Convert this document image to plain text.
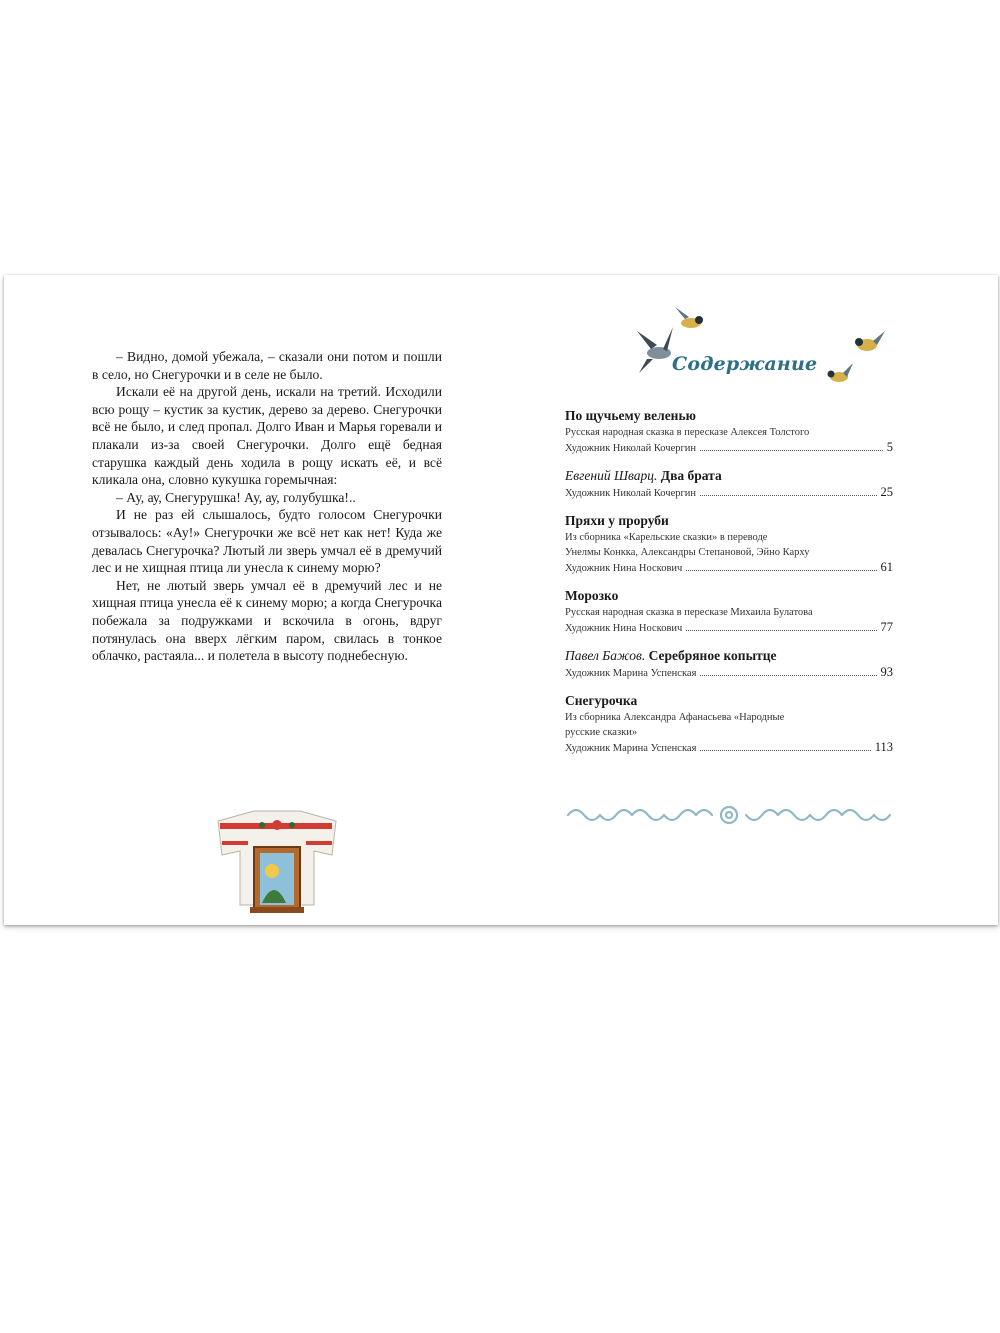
– Видно, домой убежала, – сказали они потом и пошли в село, но Снегурочки и в селе не было.

Искали её на другой день, искали на третий. Исходили всю рощу – кустик за кустик, дерево за дерево. Снегурочки всё не было, и след пропал. Долго Иван и Марья горевали и плакали из-за своей Снегурочки. Долго ещё бедная старушка каждый день ходила в рощу искать её, и всё кликала она, словно кукушка горемычная:

– Ау, ау, Снегурушка! Ау, ау, голубушка!..

И не раз ей слышалось, будто голосом Снегурочки отзывалось: «Ау!» Снегурочки же всё нет как нет! Куда же девалась Снегурочка? Лютый ли зверь умчал её в дремучий лес и не хищная птица ли унесла к синему морю?

Нет, не лютый зверь умчал её в дремучий лес и не хищная птица унесла её к синему морю; а когда Снегурочка побежала за подружками и вскочила в огонь, вдруг потянулась она вверх лёгким паром, свилась в тонкое облачко, растаяла... и полетела в высоту поднебесную.

Содержание
По щучьему веленью
Русская народная сказка в пересказе Алексея Толстого
Художник Николай Кочергин	5
Евгений Шварц. Два брата
Художник Николай Кочергин	25
Пряхи у проруби
Из сборника «Карельские сказки» в переводе
Унелмы Конкка, Александры Степановой, Эйно Карху
Художник Нина Носкович	61
Морозко
Русская народная сказка в пересказе Михаила Булатова
Художник Нина Носкович	77
Павел Бажов. Серебряное копытце
Художник Марина Успенская	93
Снегурочка
Из сборника Александра Афанасьева «Народные
русские сказки»
Художник Марина Успенская	113
